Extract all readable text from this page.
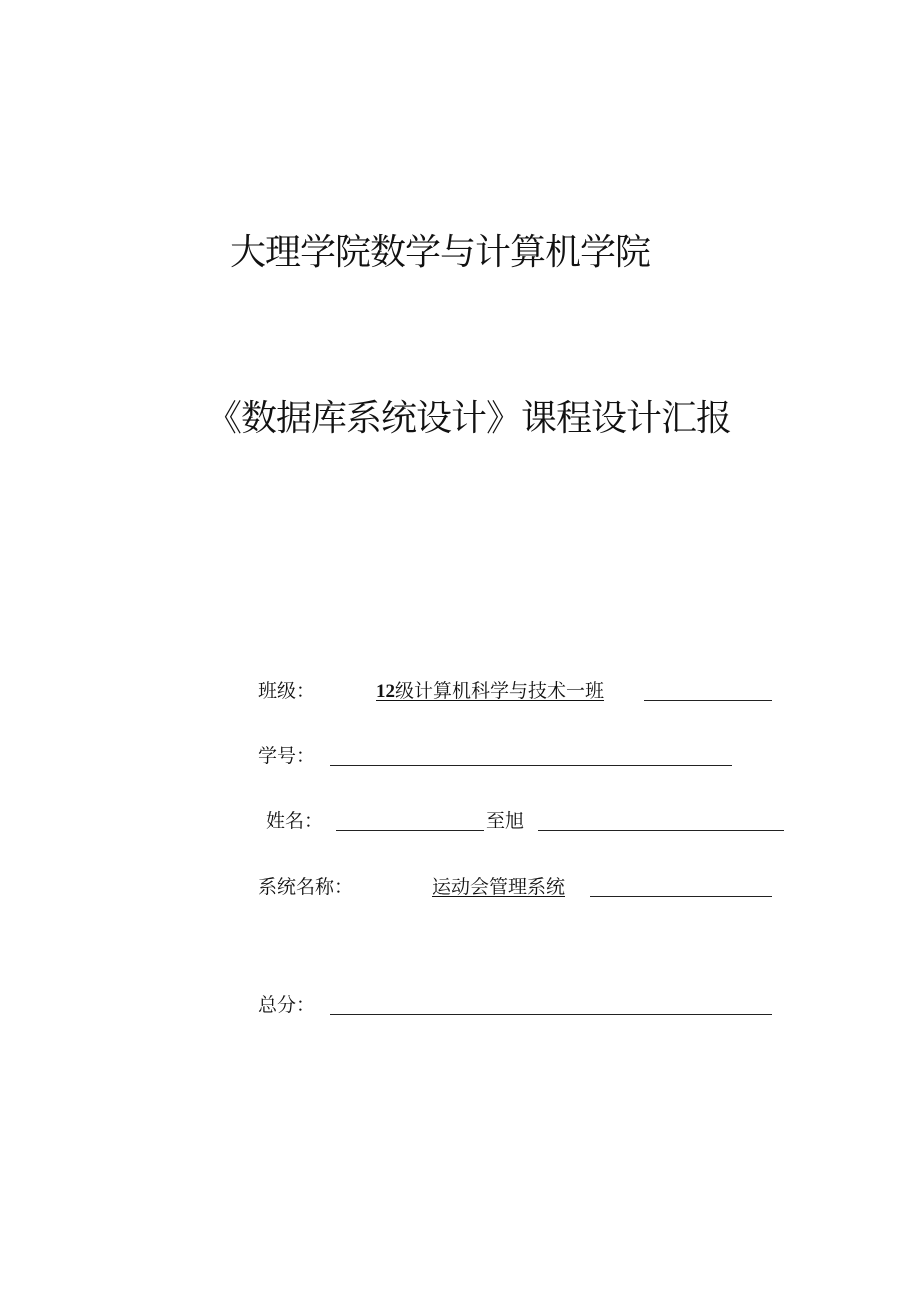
大理学院数学与计算机学院
《数据库系统设计》课程设计汇报
班级：	12级计算机科学与技术一班
学号：
姓名：	至旭
系统名称：	运动会管理系统
总分：
